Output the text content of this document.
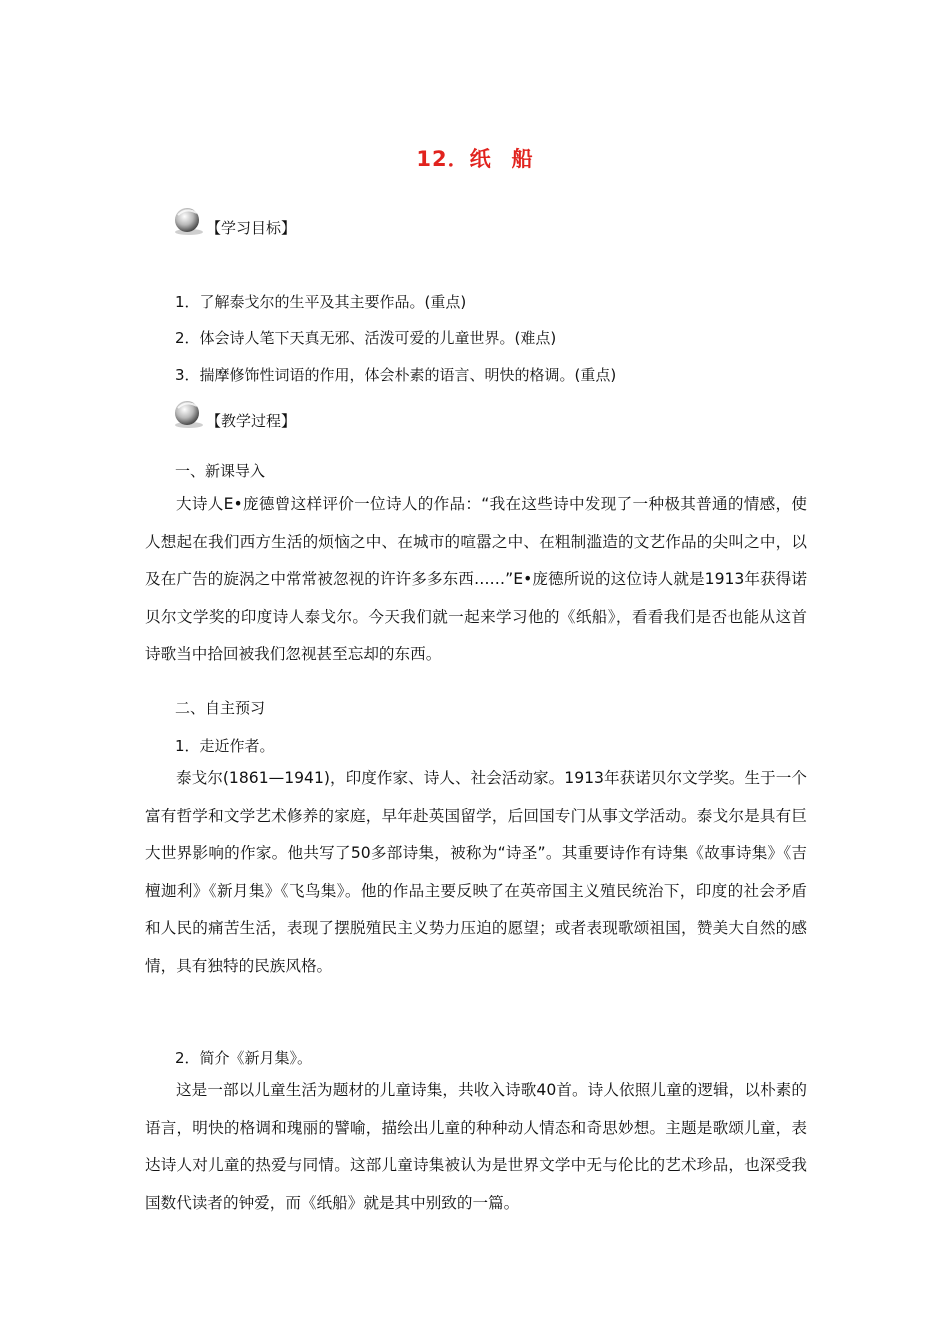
12．纸 船
【学习目标】
1．了解泰戈尔的生平及其主要作品。(重点)
2．体会诗人笔下天真无邪、活泼可爱的儿童世界。(难点)
3．揣摩修饰性词语的作用，体会朴素的语言、明快的格调。(重点)
【教学过程】
一、新课导入
大诗人E•庞德曾这样评价一位诗人的作品：“我在这些诗中发现了一种极其普通的情感，使人想起在我们西方生活的烦恼之中、在城市的喧嚣之中、在粗制滥造的文艺作品的尖叫之中，以及在广告的旋涡之中常常被忽视的许许多多东西……”E•庞德所说的这位诗人就是1913年获得诺贝尔文学奖的印度诗人泰戈尔。今天我们就一起来学习他的《纸船》，看看我们是否也能从这首诗歌当中拾回被我们忽视甚至忘却的东西。
二、自主预习
1．走近作者。
泰戈尔(1861—1941)，印度作家、诗人、社会活动家。1913年获诺贝尔文学奖。生于一个富有哲学和文学艺术修养的家庭，早年赴英国留学，后回国专门从事文学活动。泰戈尔是具有巨大世界影响的作家。他共写了50多部诗集，被称为“诗圣”。其重要诗作有诗集《故事诗集》《吉檀迦利》《新月集》《飞鸟集》。他的作品主要反映了在英帝国主义殖民统治下，印度的社会矛盾和人民的痛苦生活，表现了摆脱殖民主义势力压迫的愿望；或者表现歌颂祖国，赞美大自然的感情，具有独特的民族风格。
2．简介《新月集》。
这是一部以儿童生活为题材的儿童诗集，共收入诗歌40首。诗人依照儿童的逻辑，以朴素的语言，明快的格调和瑰丽的譬喻，描绘出儿童的种种动人情态和奇思妙想。主题是歌颂儿童，表达诗人对儿童的热爱与同情。这部儿童诗集被认为是世界文学中无与伦比的艺术珍品，也深受我国数代读者的钟爱，而《纸船》就是其中别致的一篇。
